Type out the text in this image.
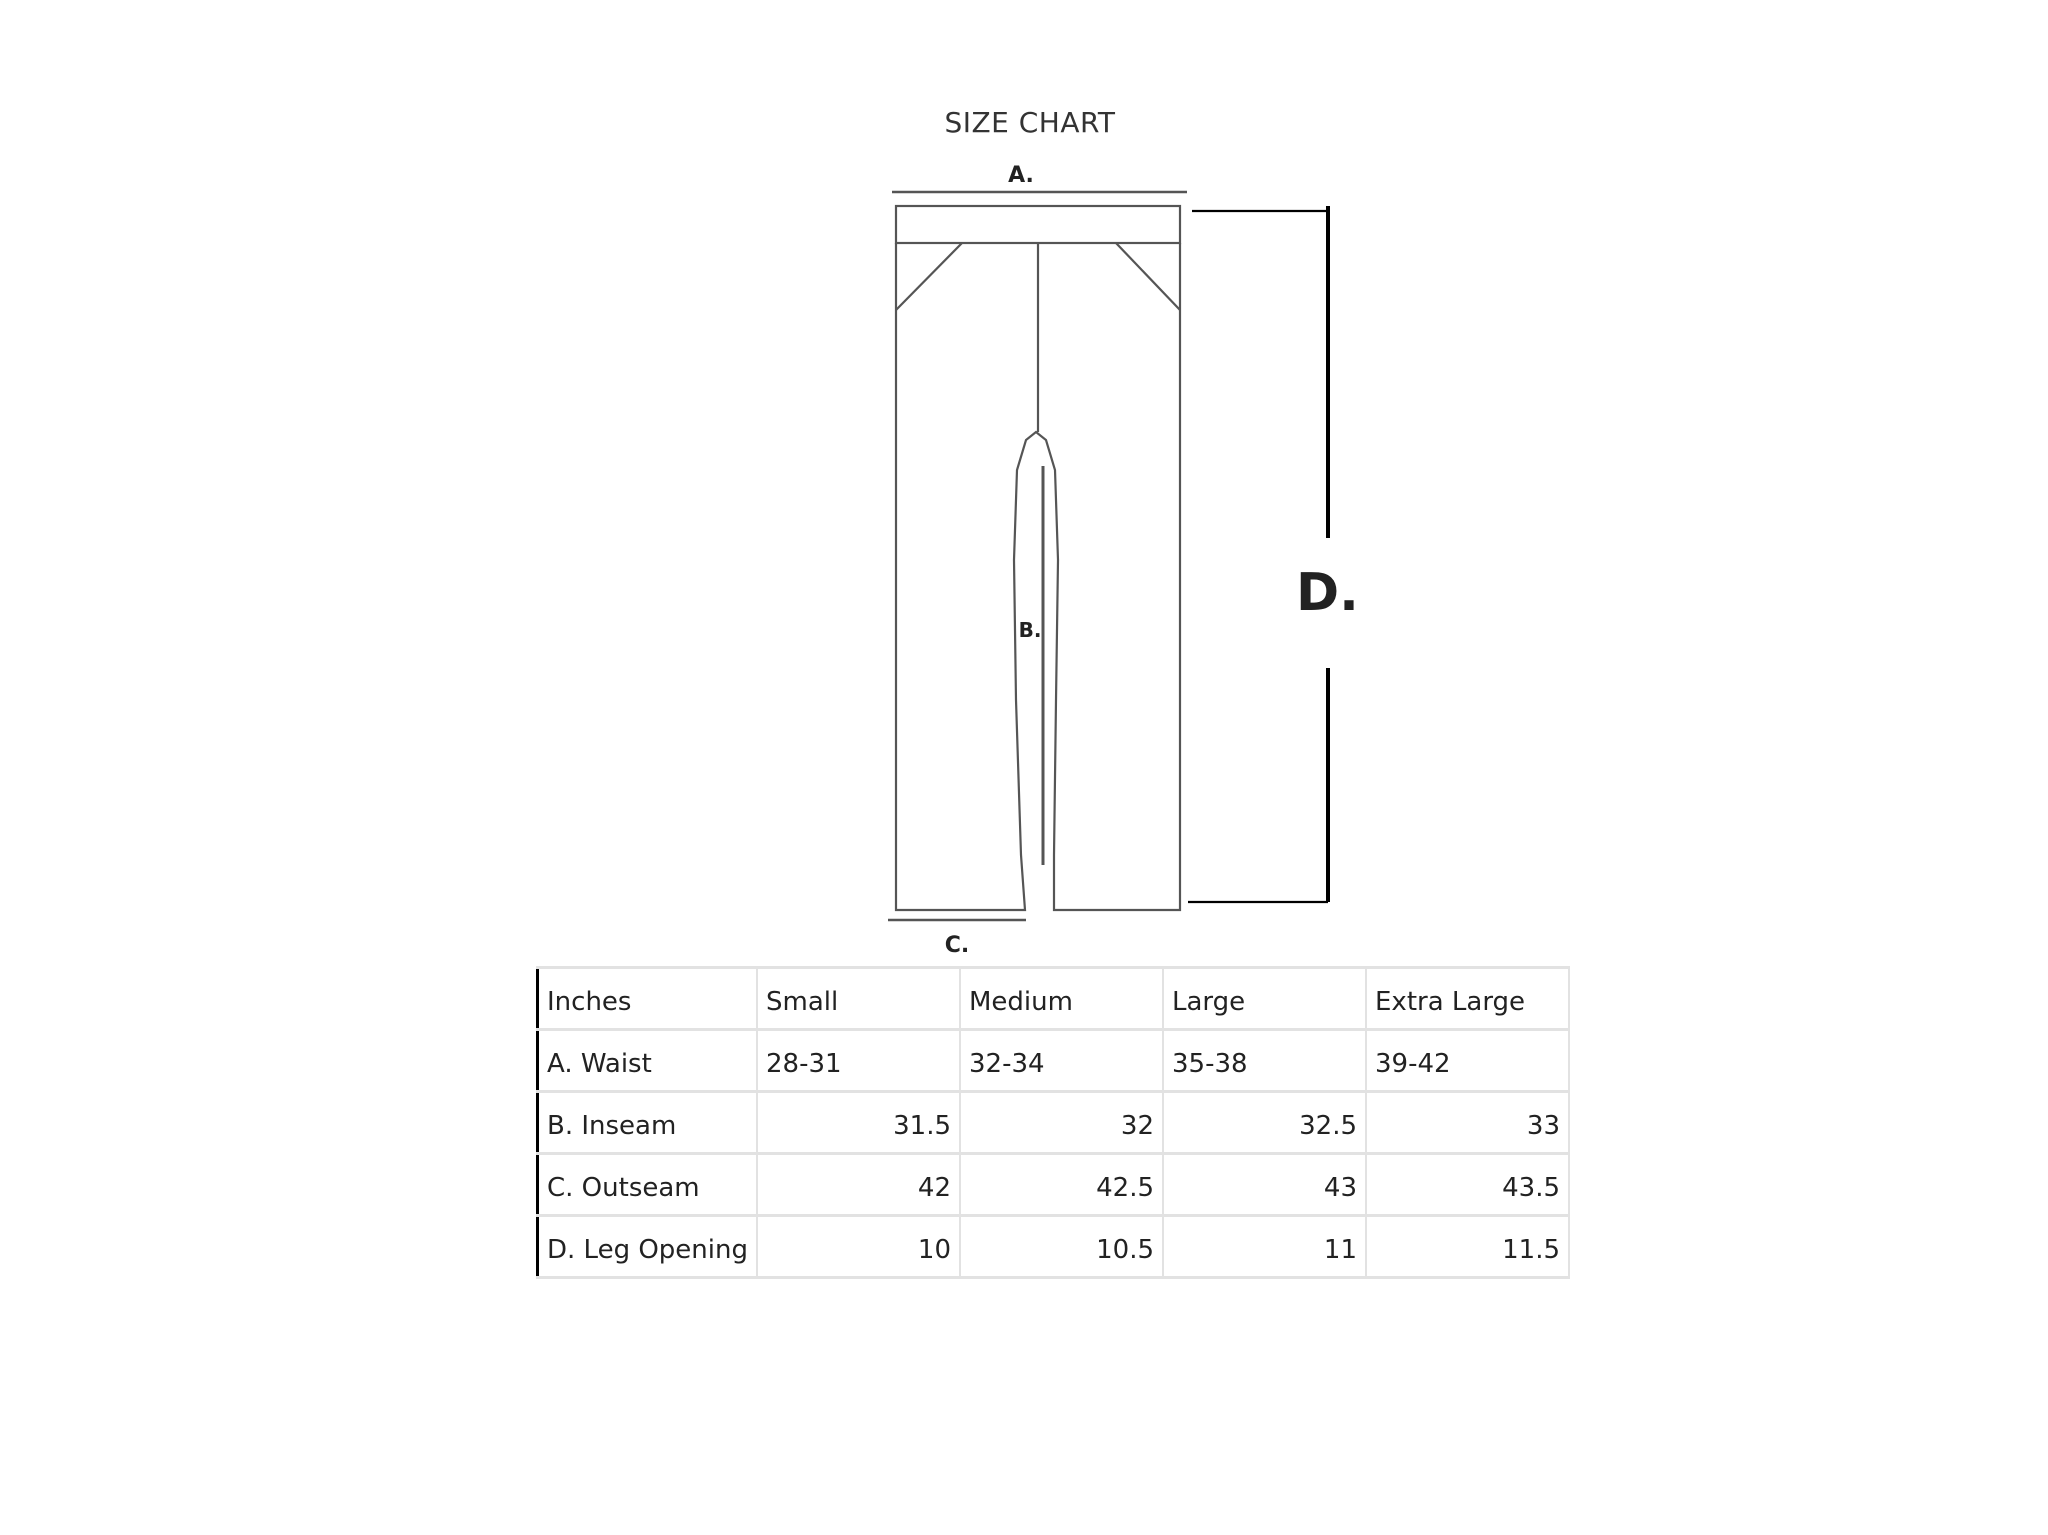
SIZE CHART
A.
B.
C.
D.
Inches	Small	Medium	Large	Extra Large
A. Waist	28-31	32-34	35-38	39-42
B. Inseam	31.5	32	32.5	33
C. Outseam	42	42.5	43	43.5
D. Leg Opening	10	10.5	11	11.5
